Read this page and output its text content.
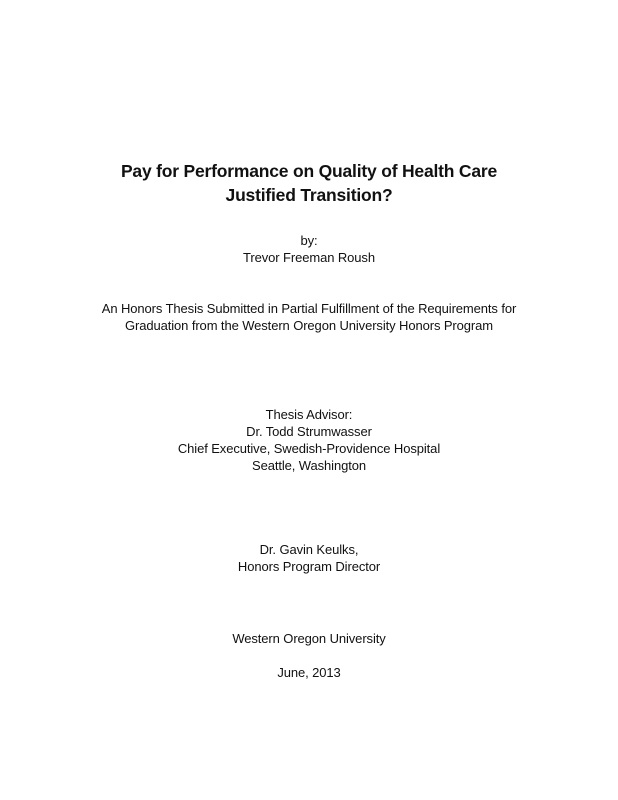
Pay for Performance on Quality of Health Care
Justified Transition?
by:
Trevor Freeman Roush
An Honors Thesis Submitted in Partial Fulfillment of the Requirements for
Graduation from the Western Oregon University Honors Program
Thesis Advisor:
Dr. Todd Strumwasser
Chief Executive, Swedish-Providence Hospital
Seattle, Washington
Dr. Gavin Keulks,
Honors Program Director
Western Oregon University
June, 2013
